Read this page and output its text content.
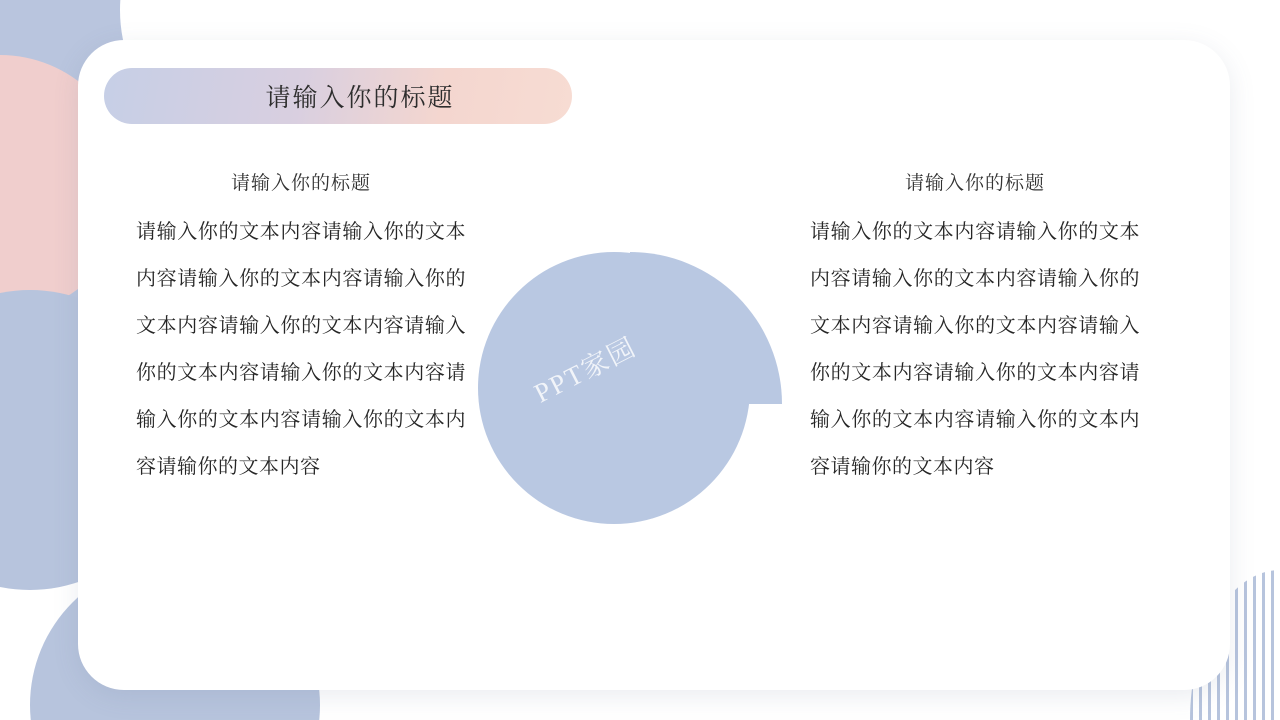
请输入你的标题
请输入你的标题
请输入你的文本内容请输入你的文本内容请输入你的文本内容请输入你的文本内容请输入你的文本内容请输入你的文本内容请输入你的文本内容请输入你的文本内容请输入你的文本内容请输你的文本内容
PPT家园
请输入你的标题
请输入你的文本内容请输入你的文本内容请输入你的文本内容请输入你的文本内容请输入你的文本内容请输入你的文本内容请输入你的文本内容请输入你的文本内容请输入你的文本内容请输你的文本内容
